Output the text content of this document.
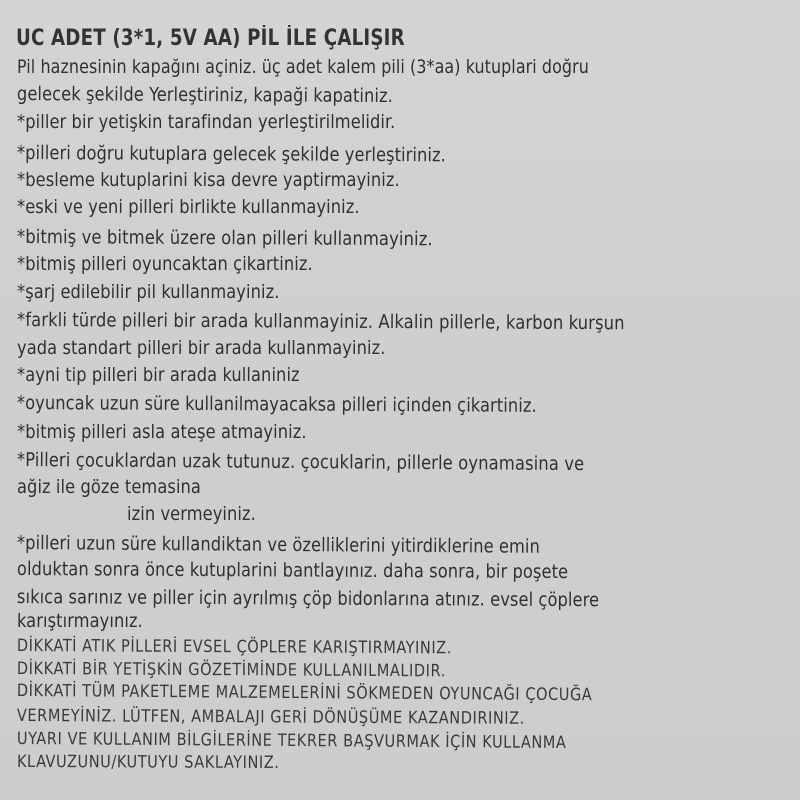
UC ADET (3*1, 5V AA) PİL İLE ÇALIŞIR
Pil haznesinin kapağını açiniz. üç adet kalem pili (3*aa) kutuplari doğru
gelecek şekilde Yerleştiriniz, kapaği kapatiniz.
*piller bir yetişkin tarafindan yerleştirilmelidir.
*pilleri doğru kutuplara gelecek şekilde yerleştiriniz.
*besleme kutuplarini kisa devre yaptirmayiniz.
*eski ve yeni pilleri birlikte kullanmayiniz.
*bitmiş ve bitmek üzere olan pilleri kullanmayiniz.
*bitmiş pilleri oyuncaktan çikartiniz.
*şarj edilebilir pil kullanmayiniz.
*farkli türde pilleri bir arada kullanmayiniz. Alkalin pillerle, karbon kurşun
yada standart pilleri bir arada kullanmayiniz.
*ayni tip pilleri bir arada kullaniniz
*oyuncak uzun süre kullanilmayacaksa pilleri içinden çikartiniz.
*bitmiş pilleri asla ateşe atmayiniz.
*Pilleri çocuklardan uzak tutunuz. çocuklarin, pillerle oynamasina ve
ağiz ile göze temasina
izin vermeyiniz.
*pilleri uzun süre kullandiktan ve özelliklerini yitirdiklerine emin
olduktan sonra önce kutuplarini bantlayınız. daha sonra, bir poşete
sıkıca sarınız ve piller için ayrılmış çöp bidonlarına atınız. evsel çöplere
karıştırmayınız.
DİKKATİ ATIK PİLLERİ EVSEL ÇÖPLERE KARIŞTIRMAYINIZ.
DİKKATİ BİR YETİŞKİN GÖZETİMİNDE KULLANILMALIDIR.
DİKKATİ TÜM PAKETLEME MALZEMELERİNİ SÖKMEDEN OYUNCAĞI ÇOCUĞA
VERMEYİNİZ. LÜTFEN, AMBALAJI GERİ DÖNÜŞÜME KAZANDIRINIZ.
UYARI VE KULLANIM BİLGİLERİNE TEKRER BAŞVURMAK İÇİN KULLANMA
KLAVUZUNU/KUTUYU SAKLAYINIZ.
